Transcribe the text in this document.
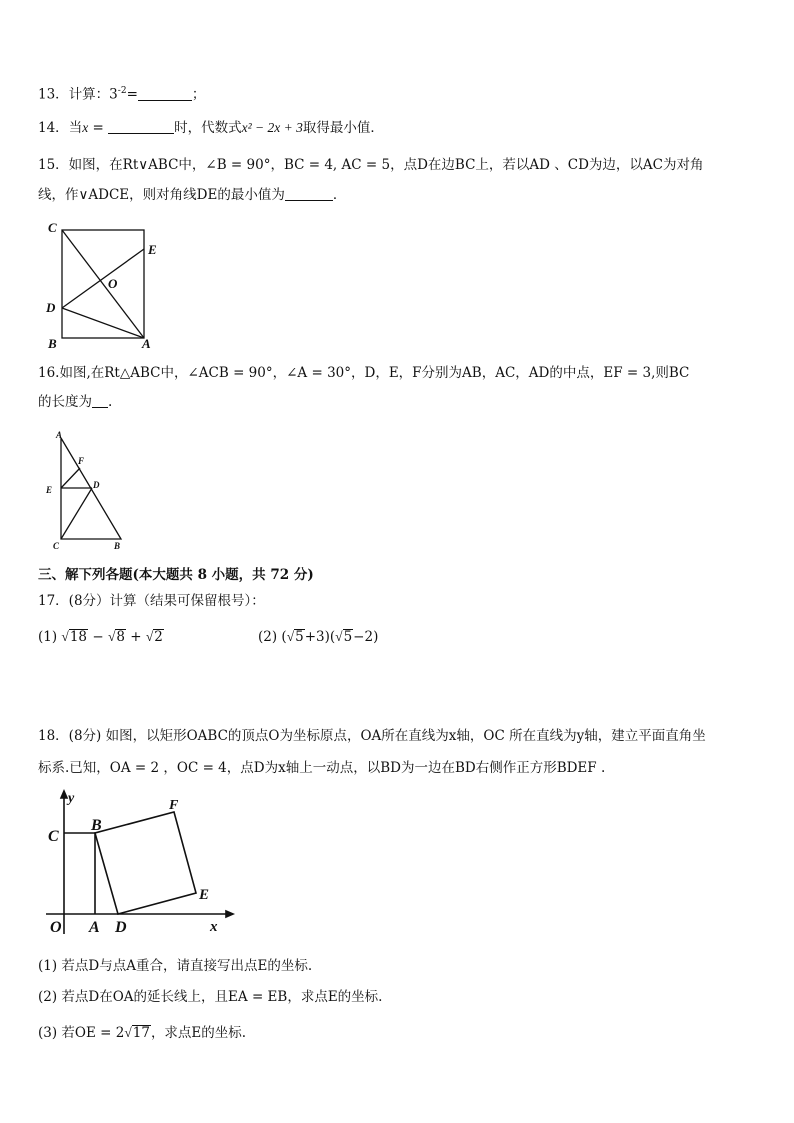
13．计算：$3^{-2}=$	；
14．当x =	时，代数式x² − 2x + 3取得最小值．
15．如图，在Rt∨ABC中，∠B = 90°，BC = 4, AC = 5，点D在边BC上，若以AD 、CD为边，以AC为对角
线，作∨ADCE，则对角线DE的最小值为	．
C
E
O
D
B	A
16.如图,在Rt△ABC中，∠ACB = 90°，∠A = 30°，D，E，F分别为AB，AC，AD的中点，EF = 3,则BC
的长度为 .
A
F
E	D
C	B
三、解下列各题(本大题共 8 小题，共 72 分)
17．(8分）计算（结果可保留根号）：
(1) √18 − √8 + √2	(2) (√5+3)(√5−2)
18．(8分) 如图，以矩形OABC的顶点O为坐标原点，OA所在直线为x轴，OC 所在直线为y轴，建立平面直角坐
标系.已知，OA = 2 ，OC = 4，点D为x轴上一动点，以BD为一边在BD右侧作正方形BDEF .
y	F
C
B
E
O A D	x
(1) 若点D与点A重合，请直接写出点E的坐标.
(2) 若点D在OA的延长线上，且EA = EB，求点E的坐标.
(3) 若OE = 2√17，求点E的坐标.
